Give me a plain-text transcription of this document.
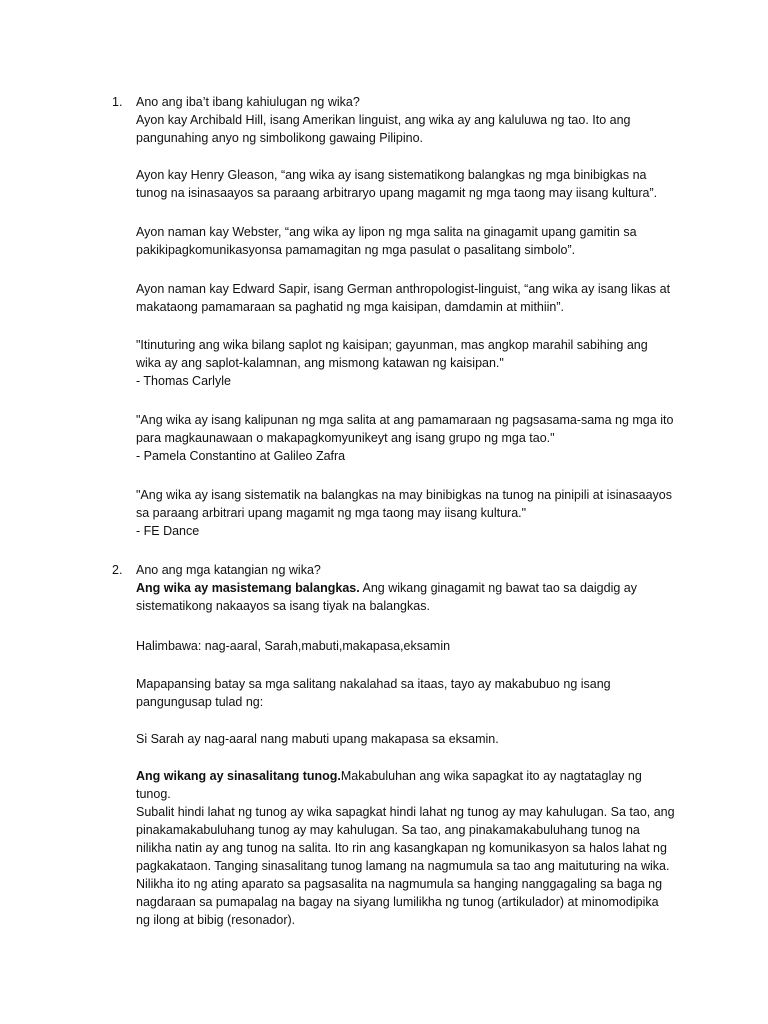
1. Ano ang iba’t ibang kahiulugan ng wika?

Ayon kay Archibald Hill, isang Amerikan linguist, ang wika ay ang kaluluwa ng tao. Ito ang

pangunahing anyo ng simbolikong gawaing Pilipino.

Ayon kay Henry Gleason, “ang wika ay isang sistematikong balangkas ng mga binibigkas na

tunog na isinasaayos sa paraang arbitraryo upang magamit ng mga taong may iisang kultura”.

Ayon naman kay Webster, “ang wika ay lipon ng mga salita na ginagamit upang gamitin sa

pakikipagkomunikasyonsa pamamagitan ng mga pasulat o pasalitang simbolo”.

Ayon naman kay Edward Sapir, isang German anthropologist-linguist, “ang wika ay isang likas at

makataong pamamaraan sa paghatid ng mga kaisipan, damdamin at mithiin”.

"Itinuturing ang wika bilang saplot ng kaisipan; gayunman, mas angkop marahil sabihing ang

wika ay ang saplot-kalamnan, ang mismong katawan ng kaisipan."

- Thomas Carlyle

"Ang wika ay isang kalipunan ng mga salita at ang pamamaraan ng pagsasama-sama ng mga ito

para magkaunawaan o makapagkomyunikeyt ang isang grupo ng mga tao."

- Pamela Constantino at Galileo Zafra

"Ang wika ay isang sistematik na balangkas na may binibigkas na tunog na pinipili at isinasaayos

sa paraang arbitrari upang magamit ng mga taong may iisang kultura."

- FE Dance

2. Ano ang mga katangian ng wika?

Ang wika ay masistemang balangkas. Ang wikang ginagamit ng bawat tao sa daigdig ay

sistematikong nakaayos sa isang tiyak na balangkas.

Halimbawa: nag-aaral, Sarah,mabuti,makapasa,eksamin

Mapapansing batay sa mga salitang nakalahad sa itaas, tayo ay makabubuo ng isang

pangungusap tulad ng:

Si Sarah ay nag-aaral nang mabuti upang makapasa sa eksamin.

Ang wikang ay sinasalitang tunog.Makabuluhan ang wika sapagkat ito ay nagtataglay ng tunog.

Subalit hindi lahat ng tunog ay wika sapagkat hindi lahat ng tunog ay may kahulugan. Sa tao, ang

pinakamakabuluhang tunog ay may kahulugan. Sa tao, ang pinakamakabuluhang tunog na

nilikha natin ay ang tunog na salita. Ito rin ang kasangkapan ng komunikasyon sa halos lahat ng

pagkakataon. Tanging sinasalitang tunog lamang na nagmumula sa tao ang maituturing na wika.

Nilikha ito ng ating aparato sa pagsasalita na nagmumula sa hanging nanggagaling sa baga ng

nagdaraan sa pumapalag na bagay na siyang lumilikha ng tunog (artikulador) at minomodipika

ng ilong at bibig (resonador).
